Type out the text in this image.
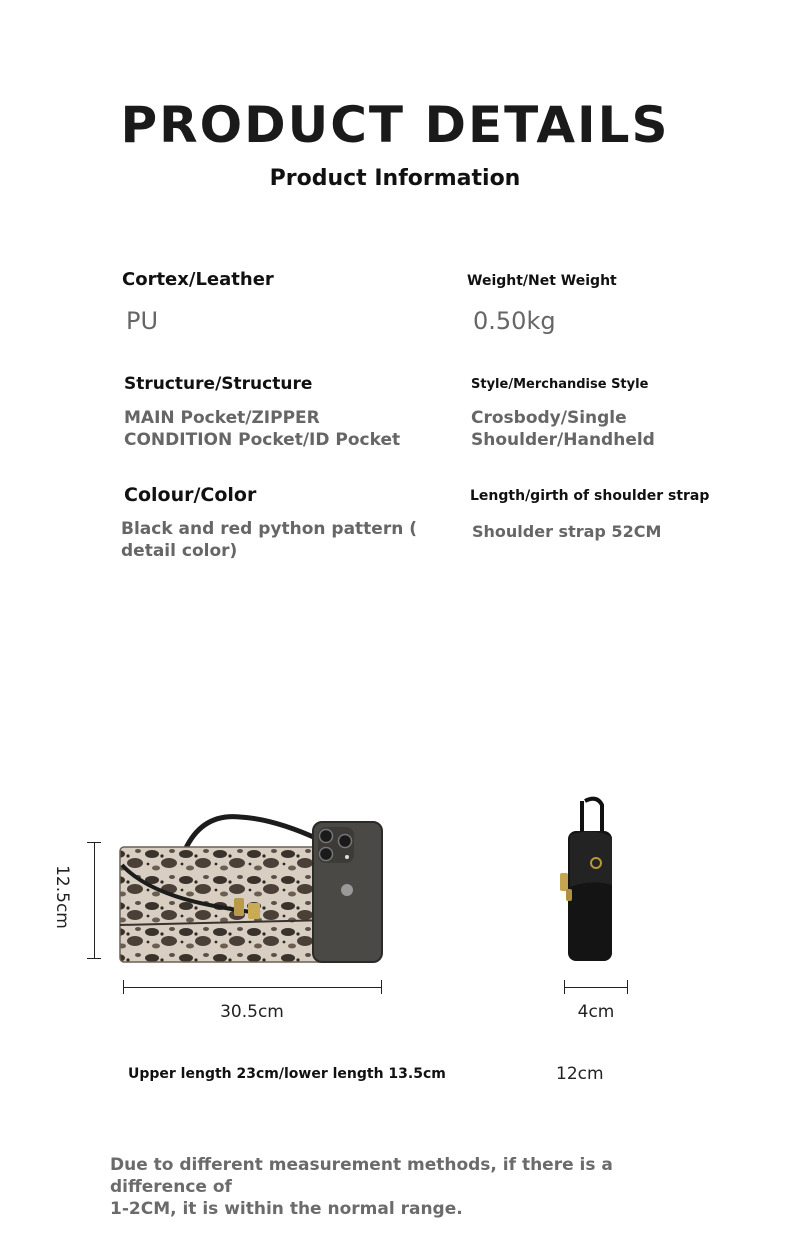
PRODUCT DETAILS
Product Information
Cortex/Leather
PU
Weight/Net Weight
0.50kg
Structure/Structure
MAIN Pocket/ZIPPER
CONDITION Pocket/ID Pocket
Style/Merchandise Style
Crosbody/Single
Shoulder/Handheld
Colour/Color
Black and red python pattern (
detail color)
Length/girth of shoulder strap
Shoulder strap 52CM
12.5cm
30.5cm	4cm
Upper length 23cm/lower length 13.5cm	12cm
Due to different measurement methods, if there is a difference of
1-2CM, it is within the normal range.
